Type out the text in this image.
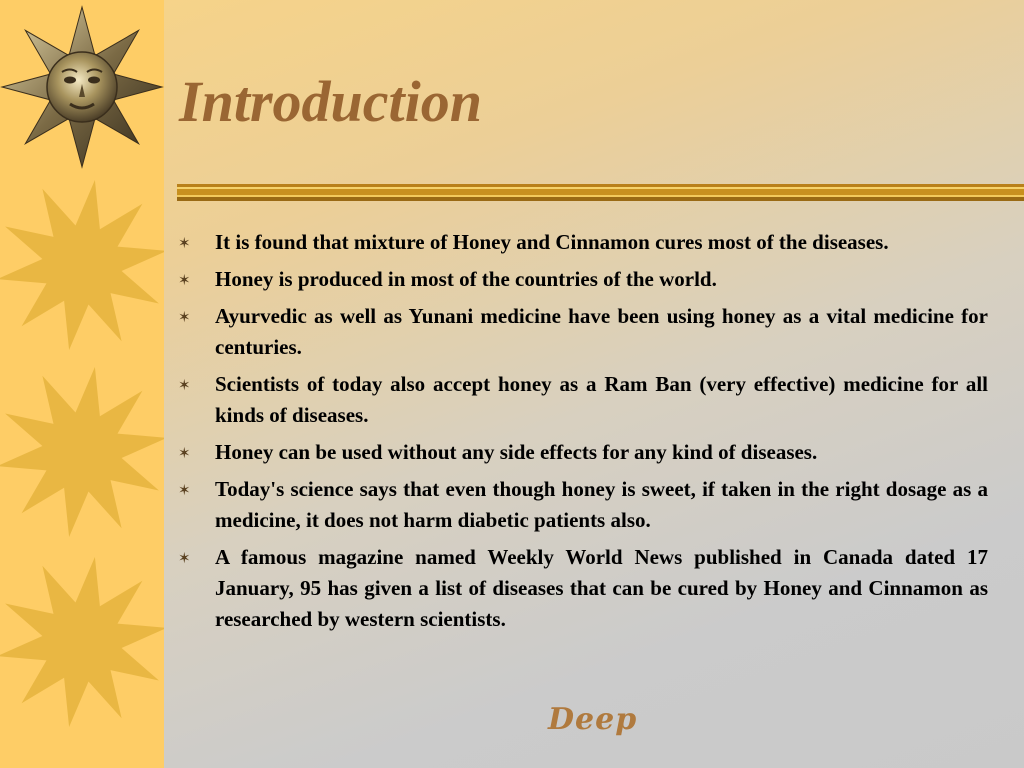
Introduction
✶ It is found that mixture of Honey and Cinnamon cures most of the diseases.
✶ Honey is produced in most of the countries of the world.
✶ Ayurvedic as well as Yunani medicine have been using honey as a vital medicine for centuries.
✶ Scientists of today also accept honey as a Ram Ban (very effective) medicine for all kinds of diseases.
✶ Honey can be used without any side effects for any kind of diseases.
✶ Today's science says that even though honey is sweet, if taken in the right dosage as a medicine, it does not harm diabetic patients also.
✶ A famous magazine named Weekly World News published in Canada dated 17 January, 95 has given a list of diseases that can be cured by Honey and Cinnamon as researched by western scientists.
Deep
